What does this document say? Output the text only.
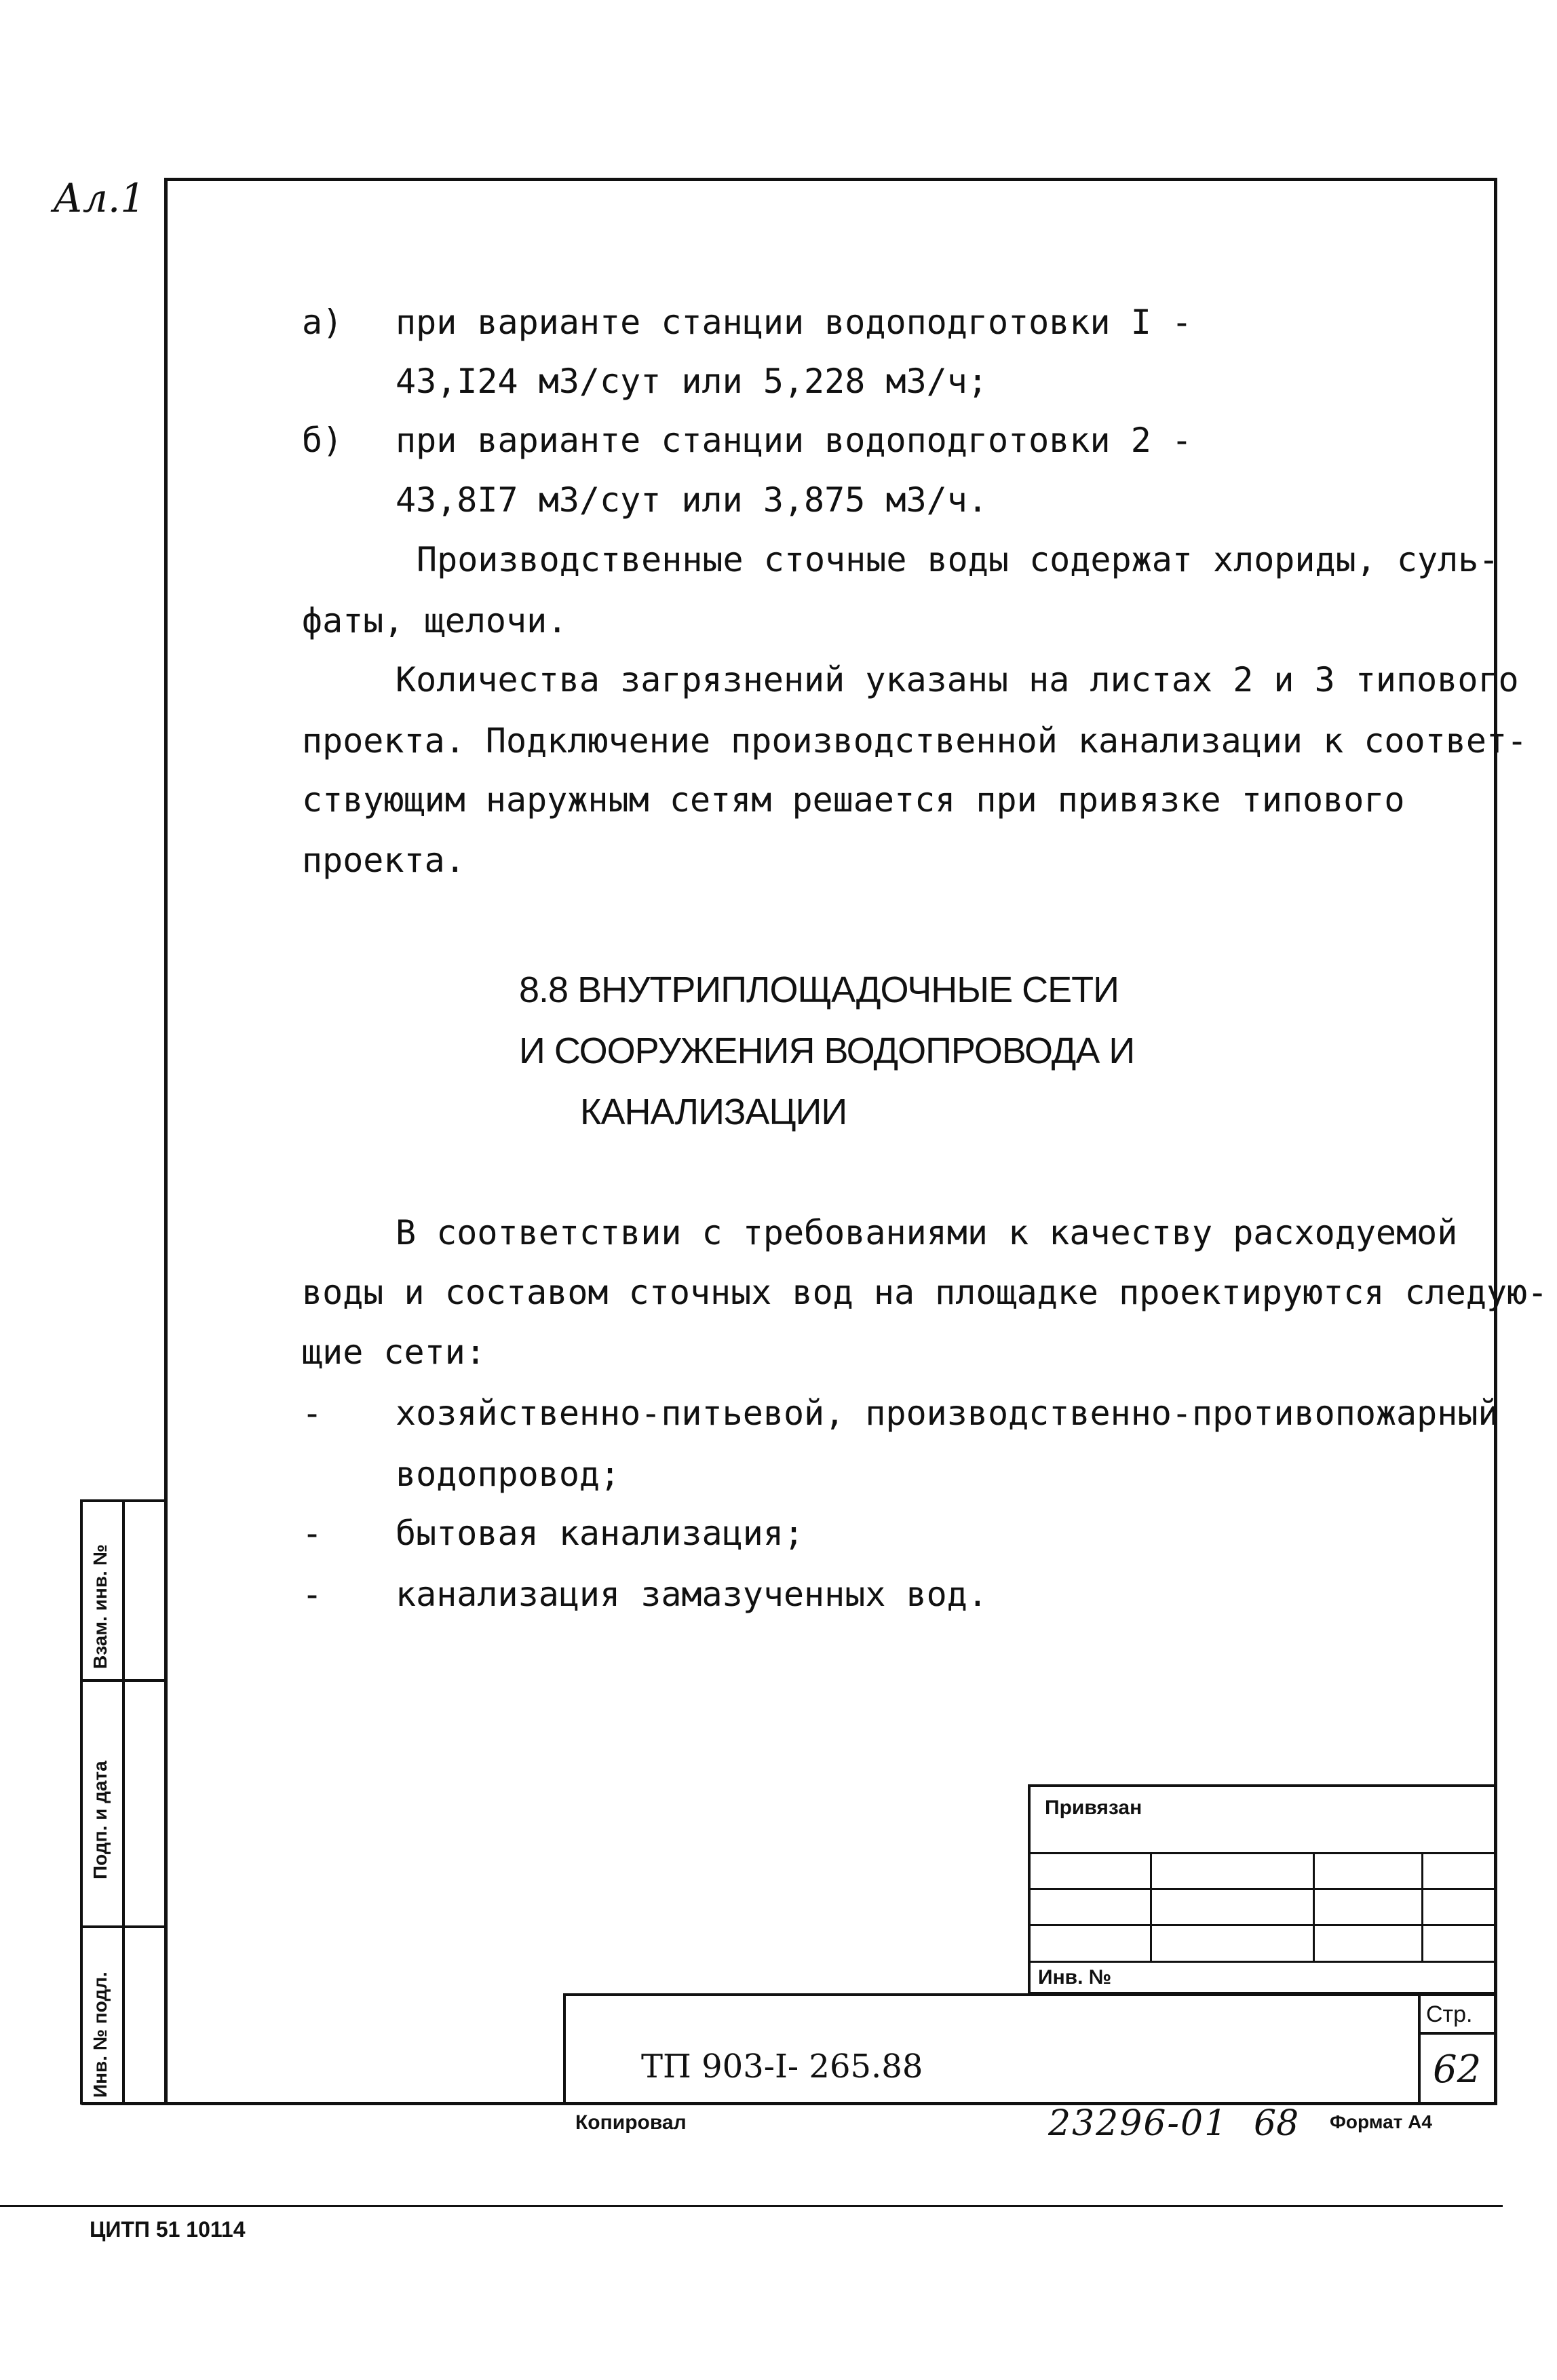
Ал.1
а) при варианте станции водоподготовки I -
43,I24 м3/сут или 5,228 м3/ч;
б) при варианте станции водоподготовки 2 -
43,8I7 м3/сут или 3,875 м3/ч.
Производственные сточные воды содержат хлориды, суль-
фаты, щелочи.
Количества загрязнений указаны на листах 2 и 3 типового
проекта. Подключение производственной канализации к соответ-
ствующим наружным сетям решается при привязке типового
проекта.
8.8 ВНУТРИПЛОЩАДОЧНЫЕ СЕТИ
И СООРУЖЕНИЯ ВОДОПРОВОДА И
КАНАЛИЗАЦИИ
В соответствии с требованиями к качеству расходуемой
воды и составом сточных вод на площадке проектируются следую-
щие сети:
- хозяйственно-питьевой, производственно-противопожарный
водопровод;
- бытовая канализация;
- канализация замазученных вод.
Взам. инв. №
Подп. и дата
Инв. № подл.
Привязан
Инв. №
ТП 903-I- 265.88
Стр.
62
Копировал	23296-01 68 Формат А4
ЦИТП 51 10114
